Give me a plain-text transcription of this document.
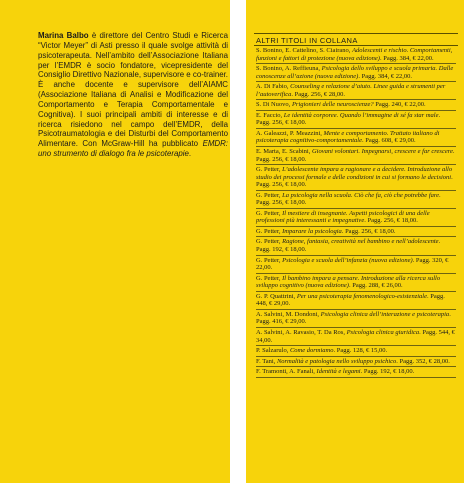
Marina Balbo è direttore del Centro Studi e Ricerca “Victor Meyer” di Asti presso il quale svolge attività di psicoterapeuta. Nell’ambito dell’Associazione Italiana per l’EMDR è socio fondatore, vicepresidente del Consiglio Direttivo Nazionale, supervisore e co-trainer. È anche docente e supervisore dell’AIAMC (Associazione Italiana di Analisi e Modificazione del Comportamento e Terapia Comportamentale e Cognitiva). I suoi principali ambiti di interesse e di ricerca risiedono nel campo dell’EMDR, della Psicotraumatologia e dei Disturbi del Comportamento Alimentare. Con McGraw-Hill ha pubblicato EMDR: uno strumento di dialogo fra le psicoterapie.
ALTRI TITOLI IN COLLANA
S. Bonino, E. Cattelino, S. Ciairano, Adolescenti e rischio. Comportamenti, funzioni e fattori di protezione (nuova edizione). Pagg. 384, € 22,00.
S. Bonino, A. Reffieuna, Psicologia dello sviluppo e scuola primaria. Dalle conoscenze all’azione (nuova edizione). Pagg. 384, € 22,00.
A. Di Fabio, Counseling e relazione d’aiuto. Linee guida e strumenti per l’autoverifica. Pagg. 256, € 28,00.
S. Di Nuovo, Prigionieri delle neuroscienze? Pagg. 240, € 22,00.
E. Faccio, Le identità corporee. Quando l’immagine di sé fa star male. Pagg. 256, € 18,00.
A. Galeazzi, P. Meazzini, Mente e comportamento. Trattato italiano di psicoterapia cognitivo-comportamentale. Pagg. 608, € 29,00.
E. Marta, E. Scabini, Giovani volontari. Impegnarsi, crescere e far crescere. Pagg. 256, € 18,00.
G. Petter, L’adolescente impara a ragionare e a decidere. Introduzione allo studio dei processi formale e delle condizioni in cui si formano le decisioni. Pagg. 256, € 18,00.
G. Petter, La psicologia nella scuola. Ciò che fa, ciò che potrebbe fare. Pagg. 256, € 18,00.
G. Petter, Il mestiere di insegnante. Aspetti psicologici di una delle professioni più interessanti e impegnative. Pagg. 256, € 18,00.
G. Petter, Imparare la psicologia. Pagg. 256, € 18,00.
G. Petter, Ragione, fantasia, creatività nel bambino e nell’adolescente. Pagg. 192, € 18,00.
G. Petter, Psicologia e scuola dell’infanzia (nuova edizione). Pagg. 320, € 22,00.
G. Petter, Il bambino impara a pensare. Introduzione alla ricerca sullo sviluppo cognitivo (nuova edizione). Pagg. 288, € 26,00.
G. P. Quattrini, Per una psicoterapia fenomenologico-esistenziale. Pagg. 448, € 29,00.
A. Salvini, M. Dondoni, Psicologia clinica dell’interazione e psicoterapia. Pagg. 416, € 29,00.
A. Salvini, A. Ravasio, T. Da Ros, Psicologia clinica giuridica. Pagg. 544, € 34,00.
P. Salzarulo, Come dormiamo. Pagg. 128, € 15,00.
F. Tani, Normalità e patologia nello sviluppo psichico. Pagg. 352, € 28,00.
F. Tramonti, A. Fanali, Identità e legami. Pagg. 192, € 18,00.
